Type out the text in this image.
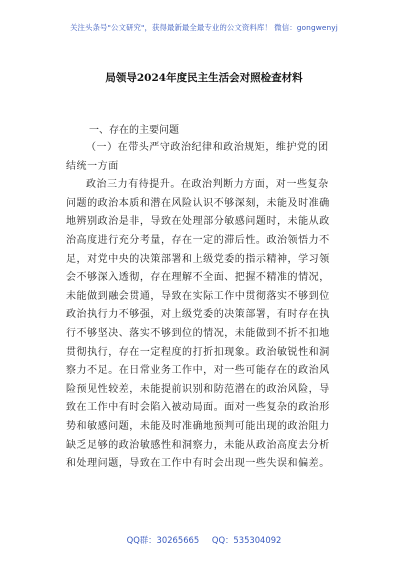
关注头条号"公文研究"，获得最新最全最专业的公文资料库！ 微信：gongwenyj
局领导2024年度民主生活会对照检查材料
一、存在的主要问题
（一）在带头严守政治纪律和政治规矩，维护党的团
结统一方面
政治三力有待提升。在政治判断力方面，对一些复杂
问题的政治本质和潜在风险认识不够深刻，未能及时准确
地辨别政治是非，导致在处理部分敏感问题时，未能从政
治高度进行充分考量，存在一定的滞后性。政治领悟力不
足，对党中央的决策部署和上级党委的指示精神，学习领
会不够深入透彻，存在理解不全面、把握不精准的情况，
未能做到融会贯通，导致在实际工作中贯彻落实不够到位
政治执行力不够强，对上级党委的决策部署，有时存在执
行不够坚决、落实不够到位的情况，未能做到不折不扣地
贯彻执行，存在一定程度的打折扣现象。政治敏锐性和洞
察力不足。在日常业务工作中，对一些可能存在的政治风
险预见性较差，未能提前识别和防范潜在的政治风险，导
致在工作中有时会陷入被动局面。面对一些复杂的政治形
势和敏感问题，未能及时准确地预判可能出现的政治阻力
缺乏足够的政治敏感性和洞察力，未能从政治高度去分析
和处理问题，导致在工作中有时会出现一些失误和偏差。
QQ群：30265665 QQ：535304092
